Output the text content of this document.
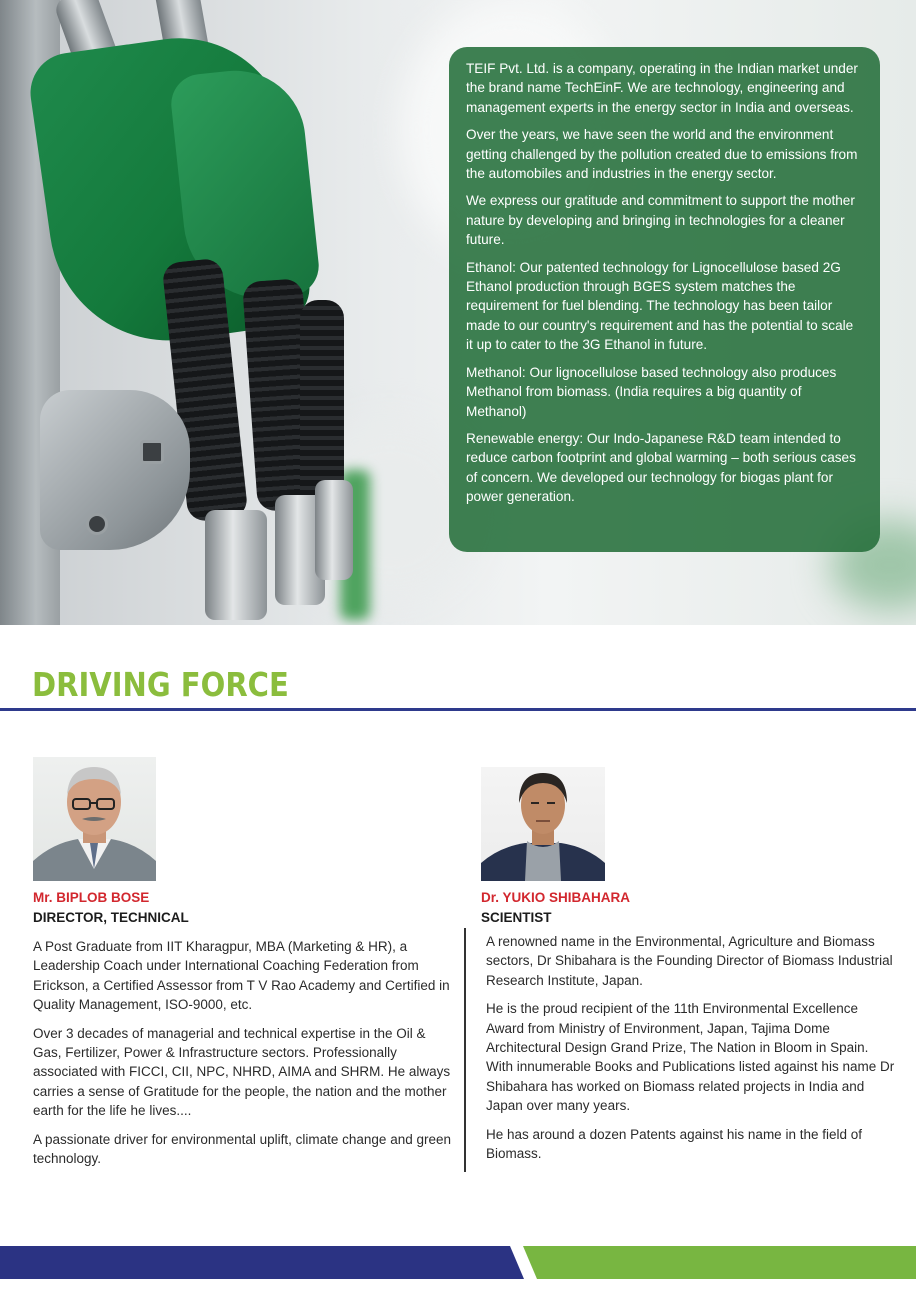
TEIF Pvt. Ltd. is a company, operating in the Indian market under the brand name TechEinF. We are technology, engineering and management experts in the energy sector in India and overseas.

Over the years, we have seen the world and the environment getting challenged by the pollution created due to emissions from the automobiles and industries in the energy sector.

We express our gratitude and commitment to support the mother nature by developing and bringing in technologies for a cleaner future.

Ethanol: Our patented technology for Lignocellulose based 2G Ethanol production through BGES system matches the requirement for fuel blending. The technology has been tailor made to our country's requirement and has the potential to scale it up to cater to the 3G Ethanol in future.

Methanol: Our lignocellulose based technology also produces Methanol from biomass. (India requires a big quantity of Methanol)

Renewable energy: Our Indo-Japanese R&D team intended to reduce carbon footprint and global warming – both serious cases of concern. We developed our technology for biogas plant for power generation.

DRIVING FORCE

Mr. BIPLOB BOSE

DIRECTOR, TECHNICAL

A Post Graduate from IIT Kharagpur, MBA (Marketing & HR), a Leadership Coach under International Coaching Federation from Erickson, a Certified Assessor from T V Rao Academy and Certified in Quality Management, ISO-9000, etc.

Over 3 decades of managerial and technical expertise in the Oil & Gas, Fertilizer, Power & Infrastructure sectors. Professionally associated with FICCI, CII, NPC, NHRD, AIMA and SHRM. He always carries a sense of Gratitude for the people, the nation and the mother earth for the life he lives....

A passionate driver for environmental uplift, climate change and green technology.

Dr. YUKIO SHIBAHARA

SCIENTIST

A renowned name in the Environmental, Agriculture and Biomass sectors, Dr Shibahara is the Founding Director of Biomass Industrial Research Institute, Japan.

He is the proud recipient of the 11th Environmental Excellence Award from Ministry of Environment, Japan, Tajima Dome Architectural Design Grand Prize, The Nation in Bloom in Spain. With innumerable Books and Publications listed against his name Dr Shibahara has worked on Biomass related projects in India and Japan over many years.

He has around a dozen Patents against his name in the field of Biomass.
